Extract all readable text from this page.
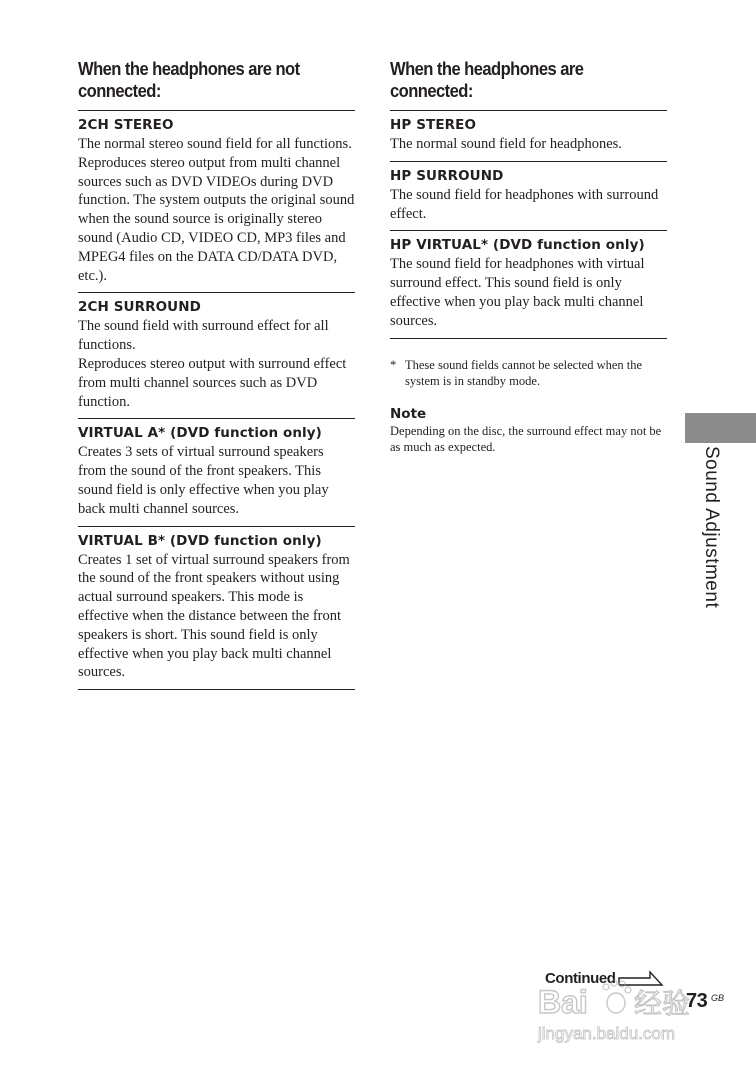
When the headphones are not connected:
2CH STEREO
The normal stereo sound field for all functions.
Reproduces stereo output from multi channel sources such as DVD VIDEOs during DVD function. The system outputs the original sound when the sound source is originally stereo sound (Audio CD, VIDEO CD, MP3 files and MPEG4 files on the DATA CD/DATA DVD, etc.).
2CH SURROUND
The sound field with surround effect for all functions.
Reproduces stereo output with surround effect from multi channel sources such as DVD function.
VIRTUAL A* (DVD function only)
Creates 3 sets of virtual surround speakers from the sound of the front speakers. This sound field is only effective when you play back multi channel sources.
VIRTUAL B* (DVD function only)
Creates 1 set of virtual surround speakers from the sound of the front speakers without using actual surround speakers. This mode is effective when the distance between the front speakers is short. This sound field is only effective when you play back multi channel sources.
When the headphones are connected:
HP STEREO
The normal sound field for headphones.
HP SURROUND
The sound field for headphones with surround effect.
HP VIRTUAL* (DVD function only)
The sound field for headphones with virtual surround effect. This sound field is only effective when you play back multi channel sources.
* These sound fields cannot be selected when the system is in standby mode.
Note
Depending on the disc, the surround effect may not be as much as expected.	Sound Adjustment
Continued
73 GB
Bai 经验
jingyan.baidu.com
